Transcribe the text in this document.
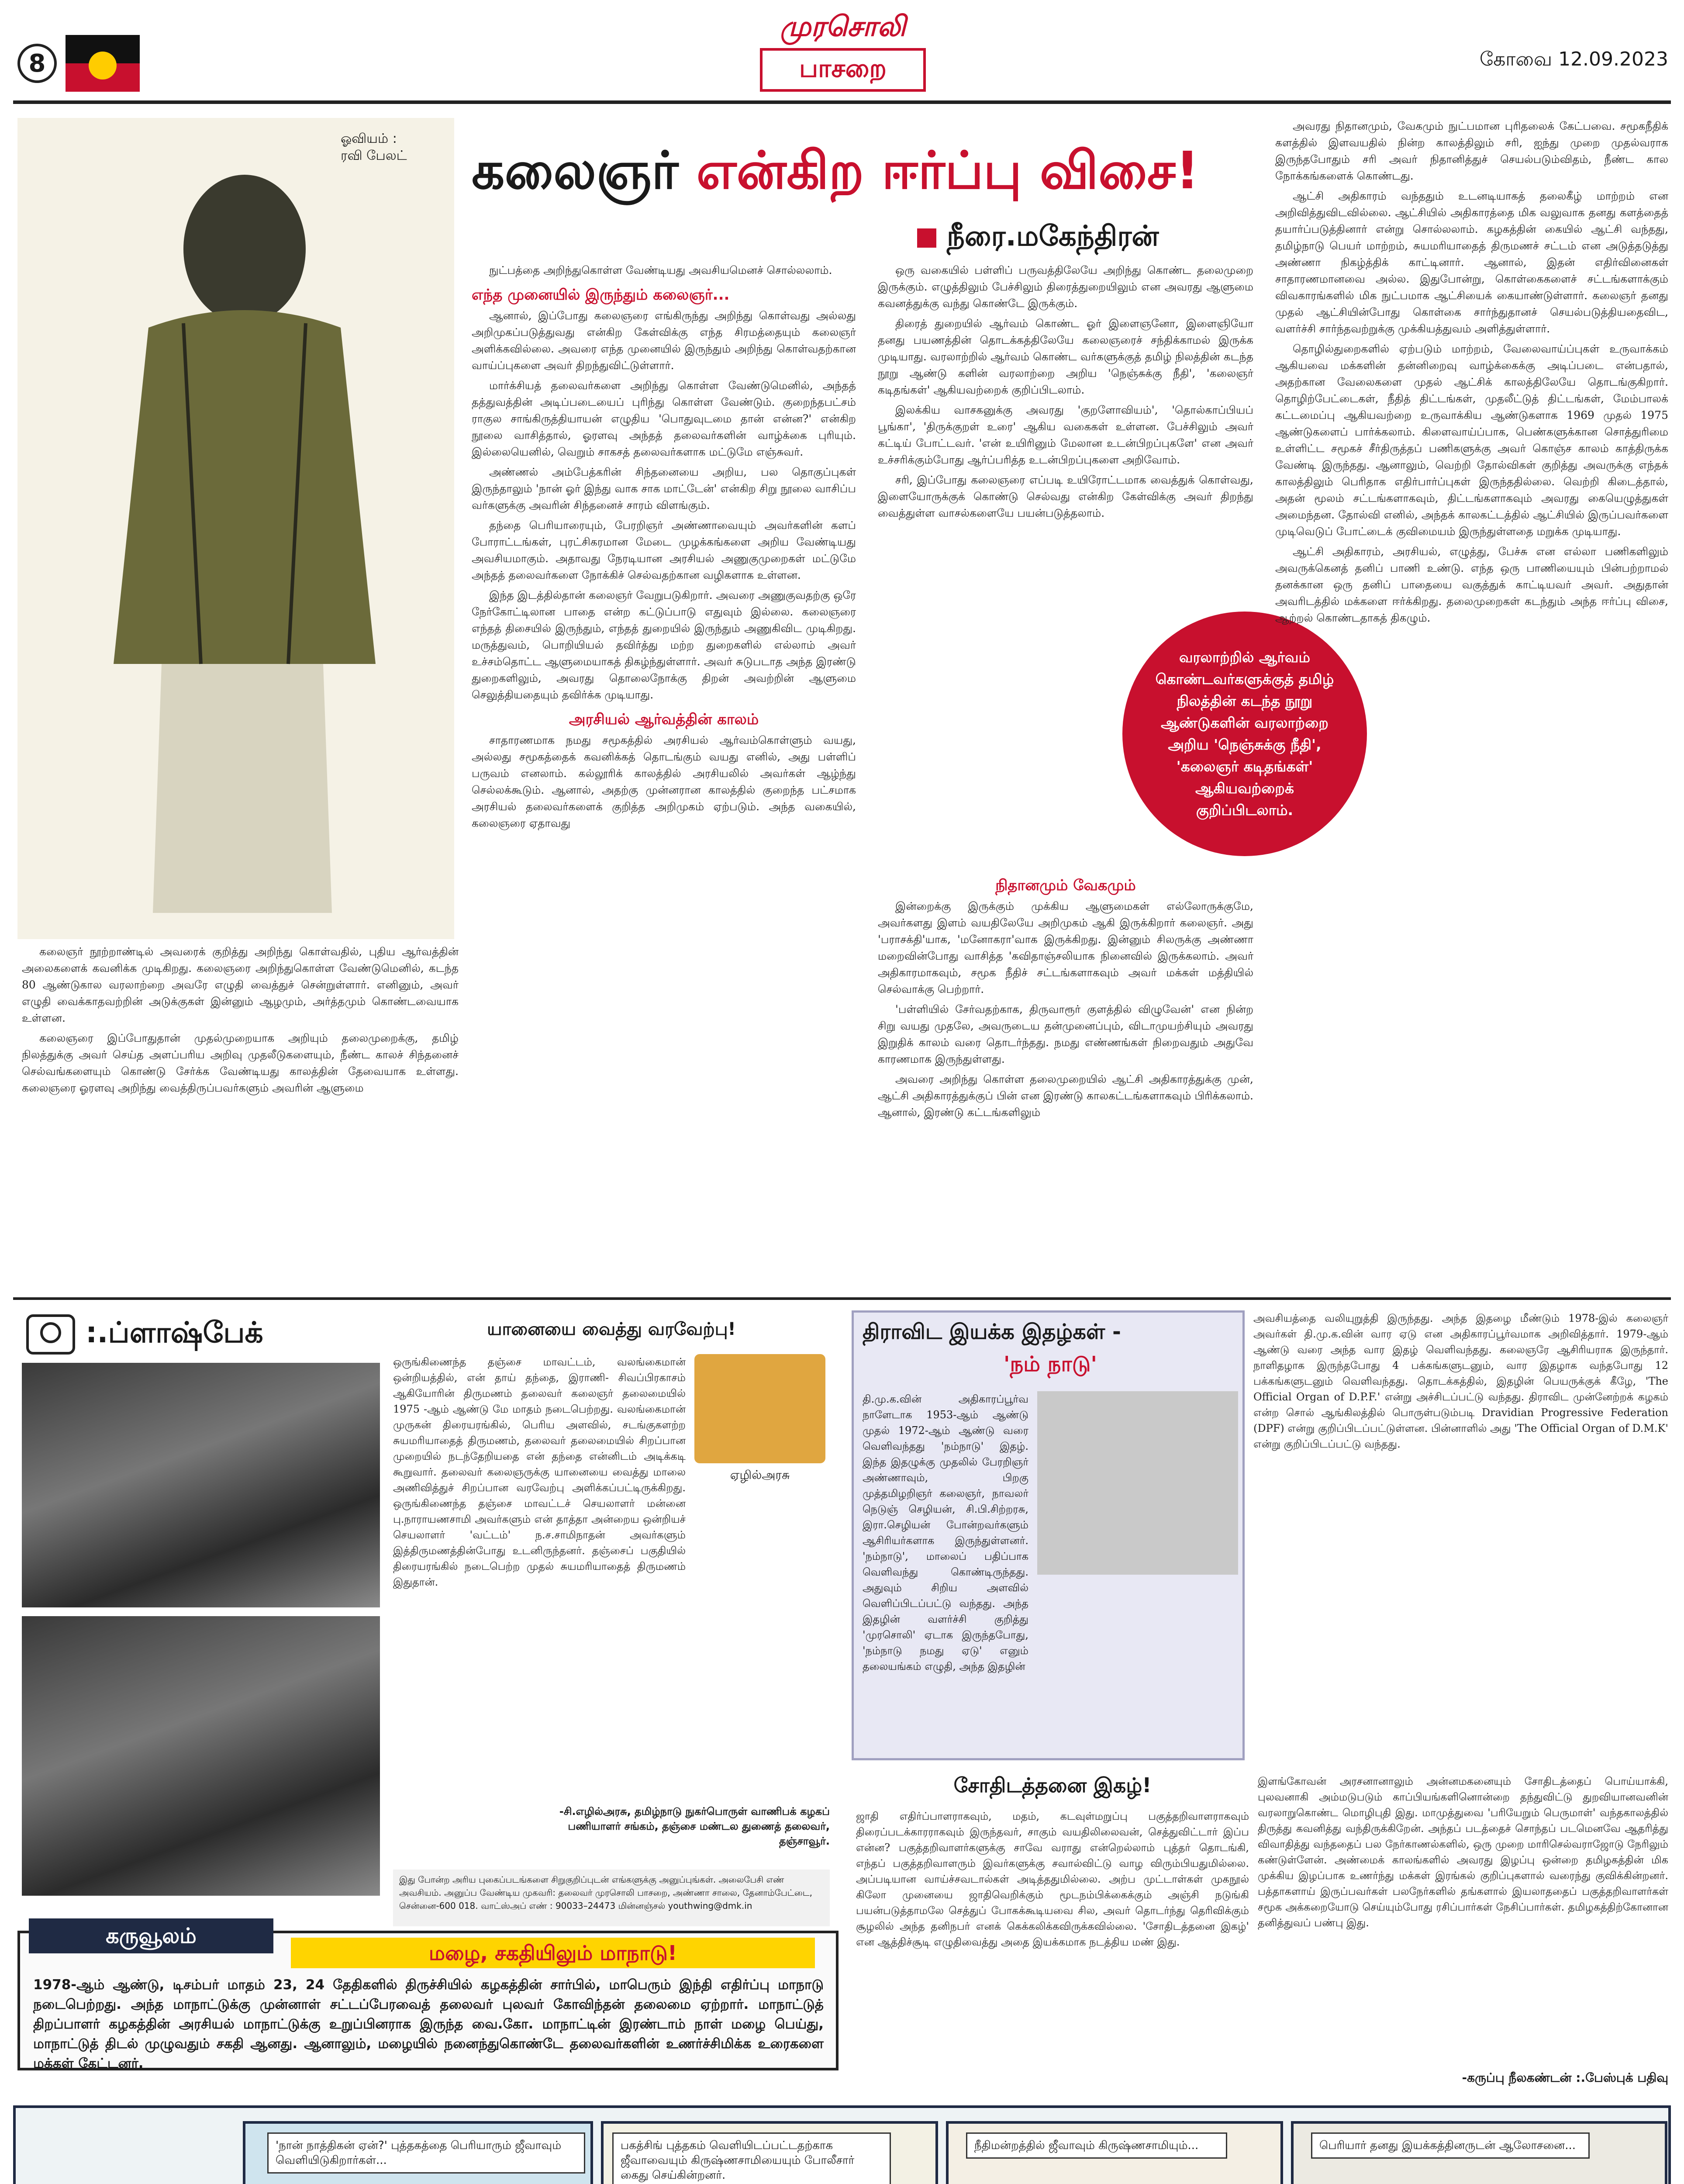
8
முரசொலி
பாசறை	கோவை 12.09.2023
ஓவியம் :
ரவி பேலட்	கலைஞர் என்கிற ஈர்ப்பு விசை!
நீரை.மகேந்திரன்

கலைஞர் நூற்றாண்டில் அவரைக் குறித்து அறிந்து கொள்வதில், புதிய ஆர்வத்தின் அலைகளைக் கவனிக்க முடிகிறது. கலைஞரை அறிந்துகொள்ள வேண்டுமெனில், கடந்த 80 ஆண்டுகால வரலாற்றை அவரே எழுதி வைத்துச் சென்றுள்ளார். எனினும், அவர் எழுதி வைக்காதவற்றின் அடுக்குகள் இன்னும் ஆழமும், அர்த்தமும் கொண்டவையாக உள்ளன.

கலைஞரை இப்போதுதான் முதல்முறையாக அறியும் தலைமுறைக்கு, தமிழ் நிலத்துக்கு அவர் செய்த அளப்பரிய அறிவு முதலீடுகளையும், நீண்ட காலச் சிந்தனைச் செல்வங்களையும் கொண்டு சேர்க்க வேண்டியது காலத்தின் தேவையாக உள்ளது. கலைஞரை ஓரளவு அறிந்து வைத்திருப்பவர்களும் அவரின் ஆளுமை

நுட்பத்தை அறிந்துகொள்ள வேண்டியது அவசியமெனச் சொல்லலாம்.

எந்த முனையில் இருந்தும் கலைஞர்...

ஆனால், இப்போது கலைஞரை எங்கிருந்து அறிந்து கொள்வது அல்லது அறிமுகப்படுத்துவது என்கிற கேள்விக்கு எந்த சிரமத்தையும் கலைஞர் அளிக்கவில்லை. அவரை எந்த முனையில் இருந்தும் அறிந்து கொள்வதற்கான வாய்ப்புகளை அவர் திறந்துவிட்டுள்ளார்.

மார்க்சியத் தலைவர்களை அறிந்து கொள்ள வேண்டுமெனில், அந்தத் தத்துவத்தின் அடிப்படையைப் புரிந்து கொள்ள வேண்டும். குறைந்தபட்சம் ராகுல சாங்கிருத்தியாயன் எழுதிய 'பொதுவுடமை தான் என்ன?' என்கிற நூலை வாசித்தால், ஓரளவு அந்தத் தலைவர்களின் வாழ்க்கை புரியும். இல்லையெனில், வெறும் சாகசத் தலைவர்களாக மட்டுமே எஞ்சுவர்.

அண்ணல் அம்பேத்கரின் சிந்தனையை அறிய, பல தொகுப்புகள் இருந்தாலும் 'நான் ஓர் இந்து வாக சாக மாட்டேன்' என்கிற சிறு நூலை வாசிப்ப வர்களுக்கு அவரின் சிந்தனைச் சாரம் விளங்கும்.

தந்தை பெரியாரையும், பேரறிஞர் அண்ணாவையும் அவர்களின் களப் போராட்டங்கள், புரட்சிகரமான மேடை முழக்கங்களை அறிய வேண்டியது அவசியமாகும். அதாவது நேரடியான அரசியல் அணுகுமுறைகள் மட்டுமே அந்தத் தலைவர்களை நோக்கிச் செல்வதற்கான வழிகளாக உள்ளன.

இந்த இடத்தில்தான் கலைஞர் வேறுபடுகிறார். அவரை அணுகுவதற்கு ஒரே நேர்கோட்டிலான பாதை என்ற கட்டுப்பாடு எதுவும் இல்லை. கலைஞரை எந்தத் திசையில் இருந்தும், எந்தத் துறையில் இருந்தும் அணுகிவிட முடிகிறது. மருத்துவம், பொறியியல் தவிர்த்து மற்ற துறைகளில் எல்லாம் அவர் உச்சம்தொட்ட ஆளுமையாகத் திகழ்ந்துள்ளார். அவர் சுடுபடாத அந்த இரண்டு துறைகளிலும், அவரது தொலைநோக்கு திறன் அவற்றின் ஆளுமை செலுத்தியதையும் தவிர்க்க முடியாது.

அரசியல் ஆர்வத்தின் காலம்

சாதாரணமாக நமது சமூகத்தில் அரசியல் ஆர்வம்கொள்ளும் வயது, அல்லது சமூகத்தைக் கவனிக்கத் தொடங்கும் வயது எனில், அது பள்ளிப் பருவம் எனலாம். கல்லூரிக் காலத்தில் அரசியலில் அவர்கள் ஆழ்ந்து செல்லக்கூடும். ஆனால், அதற்கு முன்னரான காலத்தில் குறைந்த பட்சமாக அரசியல் தலைவர்களைக் குறித்த அறிமுகம் ஏற்படும். அந்த வகையில், கலைஞரை ஏதாவது

ஒரு வகையில் பள்ளிப் பருவத்திலேயே அறிந்து கொண்ட தலைமுறை இருக்கும். எழுத்திலும் பேச்சிலும் திரைத்துறையிலும் என அவரது ஆளுமை கவனத்துக்கு வந்து கொண்டே இருக்கும்.

திரைத் துறையில் ஆர்வம் கொண்ட ஓர் இளைஞனோ, இளைஞியோ தனது பயணத்தின் தொடக்கத்திலேயே கலைஞரைச் சந்திக்காமல் இருக்க முடியாது. வரலாற்றில் ஆர்வம் கொண்ட வர்களுக்குத் தமிழ் நிலத்தின் கடந்த நூறு ஆண்டு களின் வரலாற்றை அறிய 'நெஞ்சுக்கு நீதி', 'கலைஞர் கடிதங்கள்' ஆகியவற்றைக் குறிப்பிடலாம்.

இலக்கிய வாசகனுக்கு அவரது 'குறளோவியம்', 'தொல்காப்பியப் பூங்கா', 'திருக்குறள் உரை' ஆகிய வகைகள் உள்ளன. பேச்சிலும் அவர் கட்டிய் போட்டவர். 'என் உயிரினும் மேலான உடன்பிறப்புகளே' என அவர் உச்சரிக்கும்போது ஆர்ப்பரித்த உடன்பிறப்புகளை அறிவோம்.

சரி, இப்போது கலைஞரை எப்படி உயிரோட்டமாக வைத்துக் கொள்வது, இளையோருக்குக் கொண்டு செல்வது என்கிற கேள்விக்கு அவர் திறந்து வைத்துள்ள வாசல்களையே பயன்படுத்தலாம்.

வரலாற்றில் ஆர்வம் கொண்டவர்களுக்குத் தமிழ் நிலத்தின் கடந்த நூறு ஆண்டுகளின் வரலாற்றை அறிய 'நெஞ்சுக்கு நீதி', 'கலைஞர் கடிதங்கள்' ஆகியவற்றைக் குறிப்பிடலாம்.
நிதானமும் வேகமும்

இன்றைக்கு இருக்கும் முக்கிய ஆளுமைகள் எல்லோருக்குமே, அவர்களது இளம் வயதிலேயே அறிமுகம் ஆகி இருக்கிறார் கலைஞர். அது 'பராசக்தி'யாக, 'மனோகரா'வாக இருக்கிறது. இன்னும் சிலருக்கு அண்ணா மறைவின்போது வாசித்த 'கவிதாஞ்சலியாக நினைவில் இருக்கலாம். அவர் அதிகாரமாகவும், சமூக நீதிச் சட்டங்களாகவும் அவர் மக்கள் மத்தியில் செல்வாக்கு பெற்றார்.

'பள்ளியில் சேர்வதற்காக, திருவாரூர் குளத்தில் விழுவேன்' என நின்ற சிறு வயது முதலே, அவருடைய தன்முனைப்பும், விடாமுயற்சியும் அவரது இறுதிக் காலம் வரை தொடர்ந்தது. நமது எண்ணங்கள் நிறைவதும் அதுவே காரணமாக இருந்துள்ளது.

அவரை அறிந்து கொள்ள தலைமுறையில் ஆட்சி அதிகாரத்துக்கு முன், ஆட்சி அதிகாரத்துக்குப் பின் என இரண்டு காலகட்டங்களாகவும் பிரிக்கலாம். ஆனால், இரண்டு கட்டங்களிலும்

அவரது நிதானமும், வேகமும் நுட்பமான புரிதலைக் கேட்பவை. சமூகநீதிக் களத்தில் இளவயதில் நின்ற காலத்திலும் சரி, ஐந்து முறை முதல்வராக இருந்தபோதும் சரி அவர் நிதானித்துச் செயல்படும்விதம், நீண்ட கால நோக்கங்களைக் கொண்டது.

ஆட்சி அதிகாரம் வந்ததும் உடனடியாகத் தலைகீழ் மாற்றம் என அறிவித்துவிடவில்லை. ஆட்சியில் அதிகாரத்தை மிக வலுவாக தனது களத்தைத் தயார்ப்படுத்தினார் என்று சொல்லலாம். கழகத்தின் கையில் ஆட்சி வந்தது, தமிழ்நாடு பெயர் மாற்றம், சுயமரியாதைத் திருமணச் சட்டம் என அடுத்தடுத்து அண்ணா நிகழ்த்திக் காட்டினார். ஆனால், இதன் எதிர்வினைகள் சாதாரணமானவை அல்ல. இதுபோன்று, கொள்கைகளைச் சட்டங்களாக்கும் விவகாரங்களில் மிக நுட்பமாக ஆட்சியைக் கையாண்டுள்ளார். கலைஞர் தனது முதல் ஆட்சியின்போது கொள்கை சார்ந்துதானச் செயல்படுத்தியதைவிட, வளர்ச்சி சார்ந்தவற்றுக்கு முக்கியத்துவம் அளித்துள்ளார்.

தொழில்துறைகளில் ஏற்படும் மாற்றம், வேலைவாய்ப்புகள் உருவாக்கம் ஆகியவை மக்களின் தன்னிறைவு வாழ்க்கைக்கு அடிப்படை என்பதால், அதற்கான வேலைகளை முதல் ஆட்சிக் காலத்திலேயே தொடங்குகிறார். தொழிற்பேட்டைகள், நீதித் திட்டங்கள், முதலீட்டுத் திட்டங்கள், மேம்பாலக் கட்டமைப்பு ஆகியவற்றை உருவாக்கிய ஆண்டுகளாக 1969 முதல் 1975 ஆண்டுகளைப் பார்க்கலாம். கிளைவாய்ப்பாக, பெண்களுக்கான சொத்துரிமை உள்ளிட்ட சமூகச் சீர்திருத்தப் பணிகளுக்கு அவர் கொஞ்ச காலம் காத்திருக்க வேண்டி இருந்தது. ஆனாலும், வெற்றி தோல்விகள் குறித்து அவருக்கு எந்தக் காலத்திலும் பெரிதாக எதிர்பார்ப்புகள் இருந்ததில்லை. வெற்றி கிடைத்தால், அதன் மூலம் சட்டங்களாகவும், திட்டங்களாகவும் அவரது கையெழுத்துகள் அமைந்தன. தோல்வி எனில், அந்தக் காலகட்டத்தில் ஆட்சியில் இருப்பவர்களை முடிவெடுப் போட்டைக் குவிமையம் இருந்துள்ளதை மறுக்க முடியாது.

ஆட்சி அதிகாரம், அரசியல், எழுத்து, பேச்சு என எல்லா பணிகளிலும் அவருக்கெனத் தனிப் பாணி உண்டு. எந்த ஒரு பாணியையும் பின்பற்றாமல் தனக்கான ஒரு தனிப் பாதையை வகுத்துக் காட்டியவர் அவர். அதுதான் அவரிடத்தில் மக்களை ஈர்க்கிறது. தலைமுறைகள் கடந்தும் அந்த ஈர்ப்பு விசை, ஆற்றல் கொண்டதாகத் திகழும்.

:.ப்ளாஷ்பேக்	யானையை வைத்து வரவேற்பு!
ஏழில்அரசு
ஒருங்கிணைந்த தஞ்சை மாவட்டம், வலங்கைமான் ஒன்றியத்தில், என் தாய் தந்தை, இராணி- சிவப்பிரகாசம் ஆகியோரின் திருமணம் தலைவர் கலைஞர் தலைமையில் 1975 -ஆம் ஆண்டு மே மாதம் நடைபெற்றது. வலங்கைமான் முருகன் திரையரங்கில், பெரிய அளவில், சடங்குகளற்ற சுயமரியாதைத் திருமணம், தலைவர் தலைமையில் சிறப்பான முறையில் நடந்தேறியதை என் தந்தை என்னிடம் அடிக்கடி கூறுவார். தலைவர் கலைஞருக்கு யானையை வைத்து மாலை அணிவித்துச் சிறப்பான வரவேற்பு அளிக்கப்பட்டிருக்கிறது. ஒருங்கிணைந்த தஞ்சை மாவட்டச் செயலாளர் மன்னை பு.நாராயணசாமி அவர்களும் என் தாத்தா அன்றைய ஒன்றியச் செயலாளர் 'வட்டம்' ந.ச.சாமிநாதன் அவர்களும் இத்திருமணத்தின்போது உடனிருந்தனர். தஞ்சைப் பகுதியில் திரையரங்கில் நடைபெற்ற முதல் சுயமரியாதைத் திருமணம் இதுதான்.
-சி.எழில்அரசு, தமிழ்நாடு நுகர்பொருள் வாணிபக் கழகப் பணியாளர் சங்கம், தஞ்சை மண்டல துணைத் தலைவர், தஞ்சாவூர்.
இது போன்ற அரிய புகைப்படங்களை சிறுகுறிப்புடன் எங்களுக்கு அனுப்புங்கள். அலைபேசி எண் அவசியம். அனுப்ப வேண்டிய முகவரி: தலைவர் முரசொலி பாசறை, அண்ணா சாலை, தேனாம்பேட்டை, சென்னை-600 018. வாட்ஸ்அப் எண் : 90033–24473 மின்னஞ்சல் youthwing@dmk.in
கருவூலம்
மழை, சகதியிலும் மாநாடு!
1978-ஆம் ஆண்டு, டிசம்பர் மாதம் 23, 24 தேதிகளில் திருச்சியில் கழகத்தின் சார்பில், மாபெரும் இந்தி எதிர்ப்பு மாநாடு நடைபெற்றது. அந்த மாநாட்டுக்கு முன்னாள் சட்டப்பேரவைத் தலைவர் புலவர் கோவிந்தன் தலைமை ஏற்றார். மாநாட்டுத் திறப்பாளர் கழகத்தின் அரசியல் மாநாட்டுக்கு உறுப்பினராக இருந்த வை.கோ. மாநாட்டின் இரண்டாம் நாள் மழை பெய்து, மாநாட்டுத் திடல் முழுவதும் சகதி ஆனது. ஆனாலும், மழையில் நனைந்துகொண்டே தலைவர்களின் உணர்ச்சிமிக்க உரைகளை மக்கள் கேட்டனர்.
திராவிட இயக்க இதழ்கள் -
'நம் நாடு'
தி.மு.க.வின் அதிகாரப்பூர்வ நாளேடாக 1953-ஆம் ஆண்டு முதல் 1972-ஆம் ஆண்டு வரை வெளிவந்தது 'நம்நாடு' இதழ். இந்த இதழுக்கு முதலில் பேரறிஞர் அண்ணாவும், பிறகு முத்தமிழறிஞர் கலைஞர், நாவலர் நெடுஞ் செழியன், சி.பி.சிற்றரசு, இரா.செழியன் போன்றவர்களும் ஆசிரியர்களாக இருந்துள்ளனர். 'நம்நாடு', மாலைப் பதிப்பாக வெளிவந்து கொண்டிருந்தது. அதுவும் சிறிய அளவில் வெளிப்பிடப்பட்டு வந்தது. அந்த இதழின் வளர்ச்சி குறித்து 'முரசொலி' ஏடாக இருந்தபோது, 'நம்நாடு நமது ஏடு' எனும் தலையங்கம் எழுதி, அந்த இதழின்
அவசியத்தை வலியுறுத்தி இருந்தது. அந்த இதழை மீண்டும் 1978-இல் கலைஞர் அவர்கள் தி.மு.க.வின் வார ஏடு என அதிகாரப்பூர்வமாக அறிவித்தார். 1979-ஆம் ஆண்டு வரை அந்த வார இதழ் வெளிவந்தது. கலைஞரே ஆசிரியராக இருந்தார். நாளிதழாக இருந்தபோது 4 பக்கங்களுடனும், வார இதழாக வந்தபோது 12 பக்கங்களுடனும் வெளிவந்தது. தொடக்கத்தில், இதழின் பெயருக்குக் கீழே, 'The Official Organ of D.P.F.' என்று அச்சிடப்பட்டு வந்தது. திராவிட முன்னேற்றக் கழகம் என்ற சொல் ஆங்கிலத்தில் பொருள்படும்படி Dravidian Progressive Federation (DPF) என்று குறிப்பிடப்பட்டுள்ளன. பின்னாளில் அது 'The Official Organ of D.M.K' என்று குறிப்பிடப்பட்டு வந்தது.
சோதிடத்தனை இகழ்!
ஜாதி எதிர்ப்பாளராகவும், மதம், கடவுள்மறுப்பு பகுத்தறிவாளராகவும் திரைப்படக்காரராகவும் இருந்தவர், சாகும் வயதிலிலைவன், செத்துவிட்டார் இப்ப என்ன? பகுத்தறிவாளர்களுக்கு சாவே வராது என்றெல்லாம் புத்தர் தொடங்கி, எந்தப் பகுத்தறிவாளரும் இவர்களுக்கு சவால்விட்டு வாழ விரும்பியதுமில்லை. அப்படியான வாய்ச்சவடால்கள் அடித்ததுமில்லை. அற்ப முட்டாள்கள் முகநூல் கிலோ முனையை ஜாதிவெறிக்கும் மூடநம்பிக்கைக்கும் அஞ்சி நடுங்கி பயன்படுத்தாமலே செத்துப் போகக்கூடியவை சில, அவர் தொடர்ந்து தெரிவிக்கும் சூழலில் அந்த தனிநபர் எனக் கெக்கலிக்கவிருக்கவில்லை. 'சோதிடத்தனை இகழ்' என ஆத்திச்சூடி எழுதிவைத்து அதை இயக்கமாக நடத்திய மண் இது.
இளங்கோவன் அரசனானாலும் அன்னமகனையும் சோதிடத்தைப் பொய்யாக்கி, புலவனாகி அம்மடுபடும் காப்பியங்களினொன்றை தந்துவிட்டு துறவியானவனின் வரலாறுகொண்ட மொழிபுதி இது. மாமுத்துவை 'பரியேறும் பெருமாள்' வந்தகாலத்தில் திருத்து கவனித்து வந்திருக்கிறேன். அந்தப் படத்தைச் சொந்தப் படமெனவே ஆதரித்து விவாதித்து வந்ததைப் பல நேர்காணல்களில், ஒரு முறை மாரிசெல்வராஜோடு நேரிலும் கண்டுள்ளேன். அண்மைக் காலங்களில் அவரது இழப்பு ஒன்றை தமிழகத்தின் மிக முக்கிய இழப்பாக உணர்ந்து மக்கள் இரங்கல் குறிப்புகளால் வரைந்து குவிக்கின்றனர். பத்தாகளாய் இருப்பவர்கள் பலநேர்களில் தங்களால் இயலாததைப் பகுத்தறிவாளர்கள் சமூக அக்கறையோடு செய்யும்போது ரசிப்பார்கள் நேசிப்பார்கள். தமிழகத்திற்கோனான தனித்துவப் பண்பு இது.
-கருப்பு நீலகண்டன் :.பேஸ்புக் பதிவு

'நான் நாத்திகன் ஏன்?' புத்தகத்தை பெரியாரும் ஜீவாவும் வெளியிடுகிறார்கள்...
பகத்சிங் புத்தகம் வெளியிடப்பட்டதற்காக ஜீவாவையும் கிருஷ்ணசாமியையும் போலீசார் கைது செய்கின்றனர்.
நீதிமன்றத்தில் ஜீவாவும் கிருஷ்ணசாமியும்...	பெரியார் தனது இயக்கத்தினருடன் ஆலோசனை...
